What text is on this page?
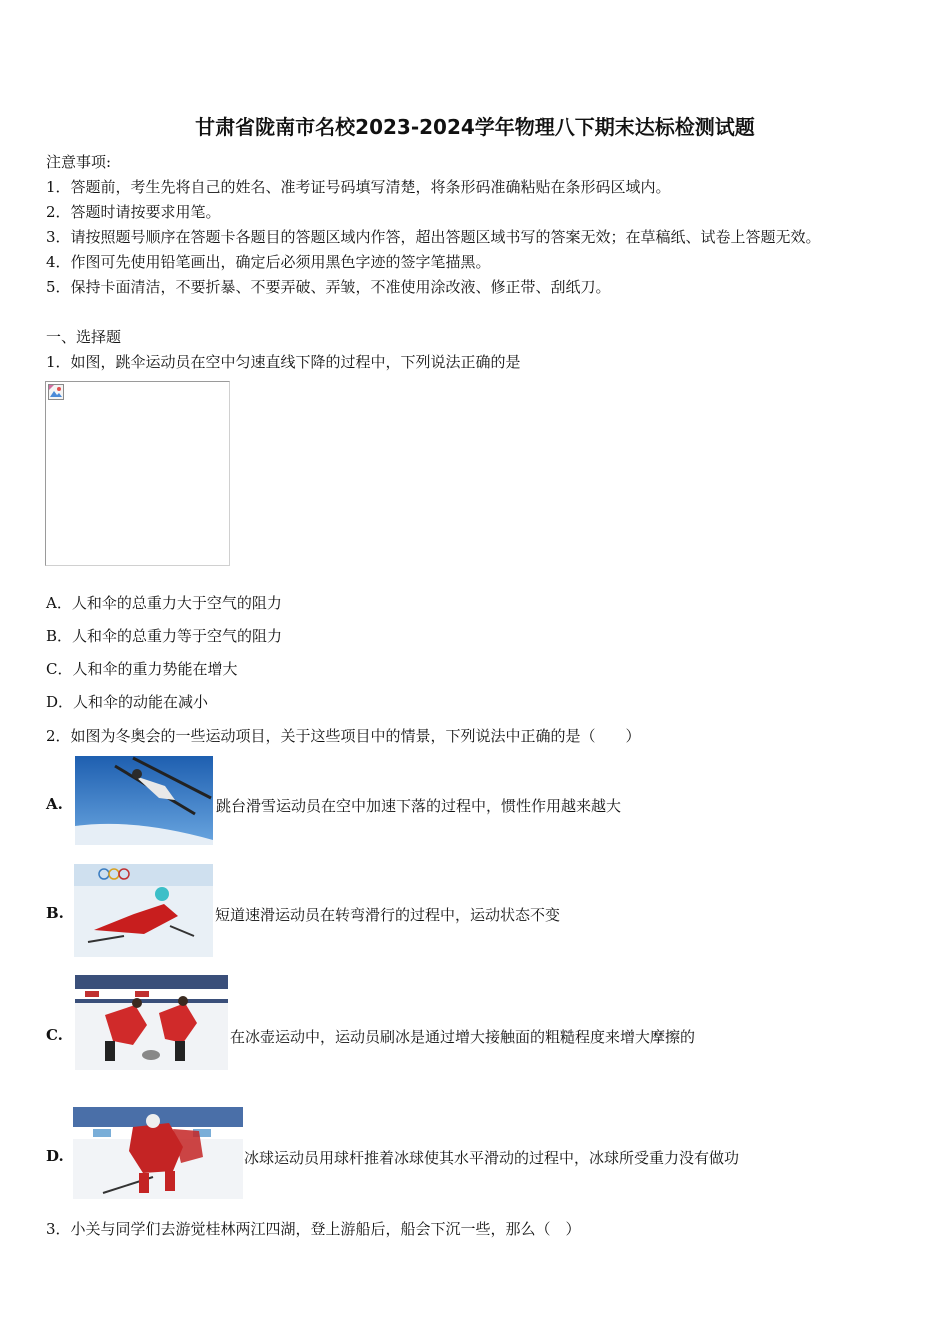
甘肃省陇南市名校2023-2024学年物理八下期末达标检测试题
注意事项:
1．答题前，考生先将自己的姓名、准考证号码填写清楚，将条形码准确粘贴在条形码区域内。
2．答题时请按要求用笔。
3．请按照题号顺序在答题卡各题目的答题区域内作答，超出答题区域书写的答案无效；在草稿纸、试卷上答题无效。
4．作图可先使用铅笔画出，确定后必须用黑色字迹的签字笔描黑。
5．保持卡面清洁，不要折暴、不要弄破、弄皱，不准使用涂改液、修正带、刮纸刀。
一、选择题
1．如图，跳伞运动员在空中匀速直线下降的过程中，下列说法正确的是
A．人和伞的总重力大于空气的阻力
B．人和伞的总重力等于空气的阻力
C．人和伞的重力势能在增大
D．人和伞的动能在减小
2．如图为冬奥会的一些运动项目，关于这些项目中的情景，下列说法中正确的是（　　）
A.	跳台滑雪运动员在空中加速下落的过程中，惯性作用越来越大
B.	短道速滑运动员在转弯滑行的过程中，运动状态不变
C.	在冰壶运动中，运动员刷冰是通过增大接触面的粗糙程度来增大摩擦的
D.	冰球运动员用球杆推着冰球使其水平滑动的过程中，冰球所受重力没有做功
3．小关与同学们去游觉桂林两江四湖，登上游船后，船会下沉一些，那么（　）
